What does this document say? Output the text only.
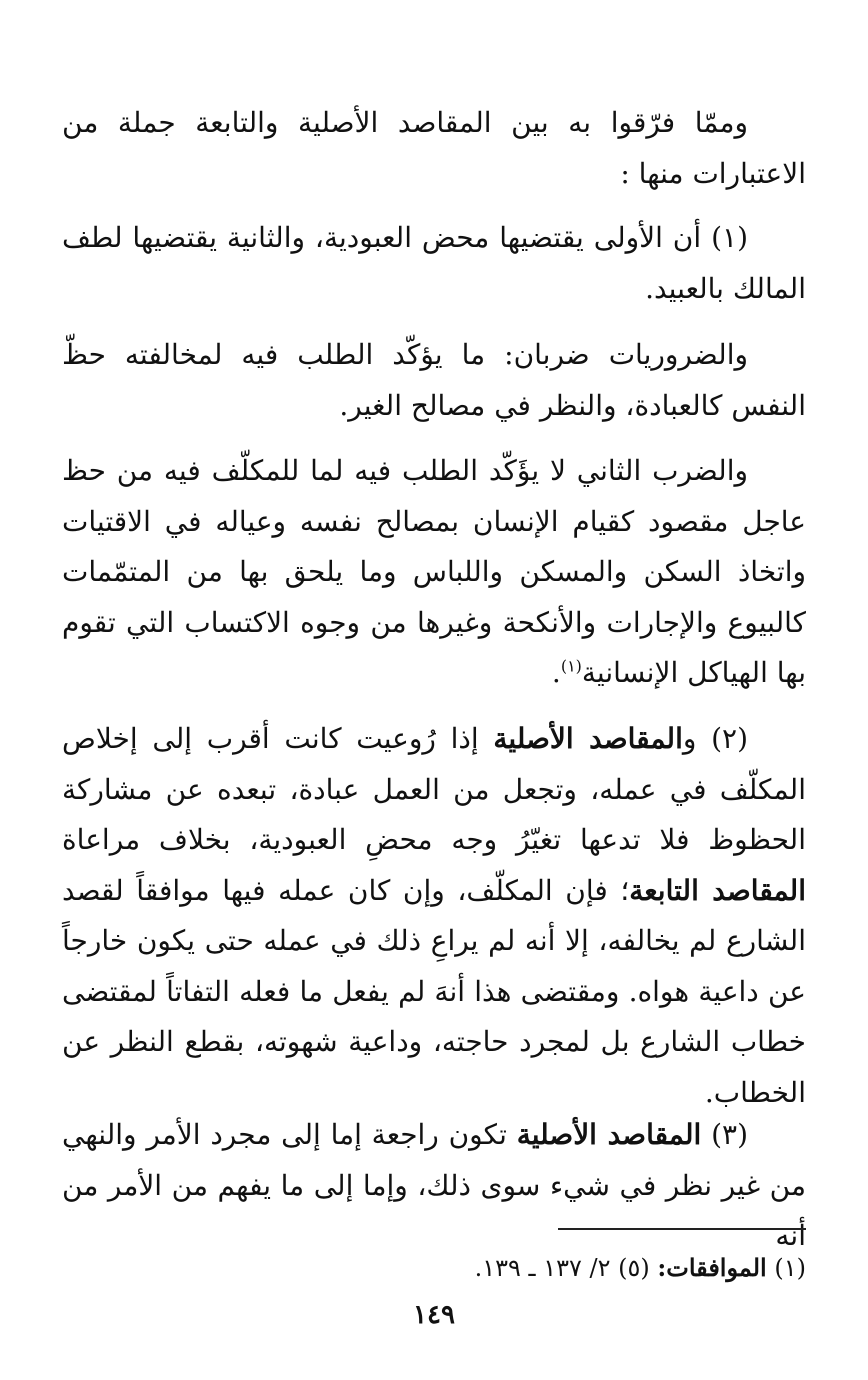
وممّا فرّقوا به بين المقاصد الأصلية والتابعة جملة من الاعتبارات منها :

(١) أن الأولى يقتضيها محض العبودية، والثانية يقتضيها لطف المالك بالعبيد.

والضروريات ضربان: ما يؤكّد الطلب فيه لمخالفته حظّ النفس كالعبادة، والنظر في مصالح الغير.

والضرب الثاني لا يؤَكّد الطلب فيه لما للمكلّف فيه من حظ عاجل مقصود كقيام الإنسان بمصالح نفسه وعياله في الاقتيات واتخاذ السكن والمسكن واللباس وما يلحق بها من المتمّمات كالبيوع والإجارات والأنكحة وغيرها من وجوه الاكتساب التي تقوم بها الهياكل الإنسانية$^{(١)}$.

(٢) والمقاصد الأصلية إذا رُوعيت كانت أقرب إلى إخلاص المكلّف في عمله، وتجعل من العمل عبادة، تبعده عن مشاركة الحظوظ فلا تدعها تغيّرُ وجه محضِ العبودية، بخلاف مراعاة المقاصد التابعة؛ فإن المكلّف، وإن كان عمله فيها موافقاً لقصد الشارع لم يخالفه، إلا أنه لم يراعِ ذلك في عمله حتى يكون خارجاً عن داعية هواه. ومقتضى هذا أنهَ لم يفعل ما فعله التفاتاً لمقتضى خطاب الشارع بل لمجرد حاجته، وداعية شهوته، بقطع النظر عن الخطاب.

(٣) المقاصد الأصلية تكون راجعة إما إلى مجرد الأمر والنهي من غير نظر في شيء سوى ذلك، وإما إلى ما يفهم من الأمر من أنه

(١) الموافقات: (٥) ٢/ ١٣٧ ـ ١٣٩.

١٤٩
